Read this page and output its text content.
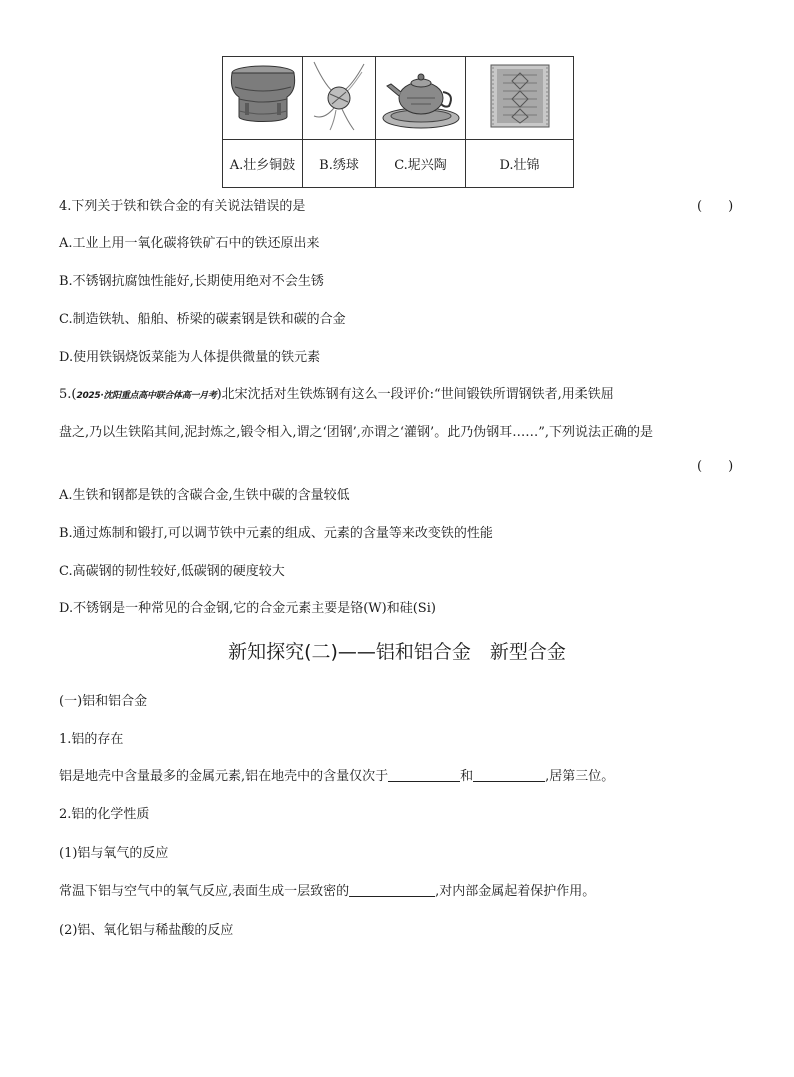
A.壮乡铜鼓	B.绣球	C.坭兴陶	D.壮锦
4.下列关于铁和铁合金的有关说法错误的是	(　　)
A.工业上用一氧化碳将铁矿石中的铁还原出来
B.不锈钢抗腐蚀性能好,长期使用绝对不会生锈
C.制造铁轨、船舶、桥梁的碳素钢是铁和碳的合金
D.使用铁锅烧饭菜能为人体提供微量的铁元素
5.(2025·沈阳重点高中联合体高一月考)北宋沈括对生铁炼钢有这么一段评价:“世间锻铁所谓钢铁者,用柔铁屈
盘之,乃以生铁陷其间,泥封炼之,锻令相入,谓之‘团钢’,亦谓之‘灌钢’。此乃伪钢耳……”,下列说法正确的是
(　　)
A.生铁和钢都是铁的含碳合金,生铁中碳的含量较低
B.通过炼制和锻打,可以调节铁中元素的组成、元素的含量等来改变铁的性能
C.高碳钢的韧性较好,低碳钢的硬度较大
D.不锈钢是一种常见的合金钢,它的合金元素主要是铬(W)和硅(Si)
新知探究(二)——铝和铝合金　新型合金
(一)铝和铝合金
1.铝的存在
铝是地壳中含量最多的金属元素,铝在地壳中的含量仅次于	和	,居第三位。
2.铝的化学性质
(1)铝与氧气的反应
常温下铝与空气中的氧气反应,表面生成一层致密的	,对内部金属起着保护作用。
(2)铝、氧化铝与稀盐酸的反应
